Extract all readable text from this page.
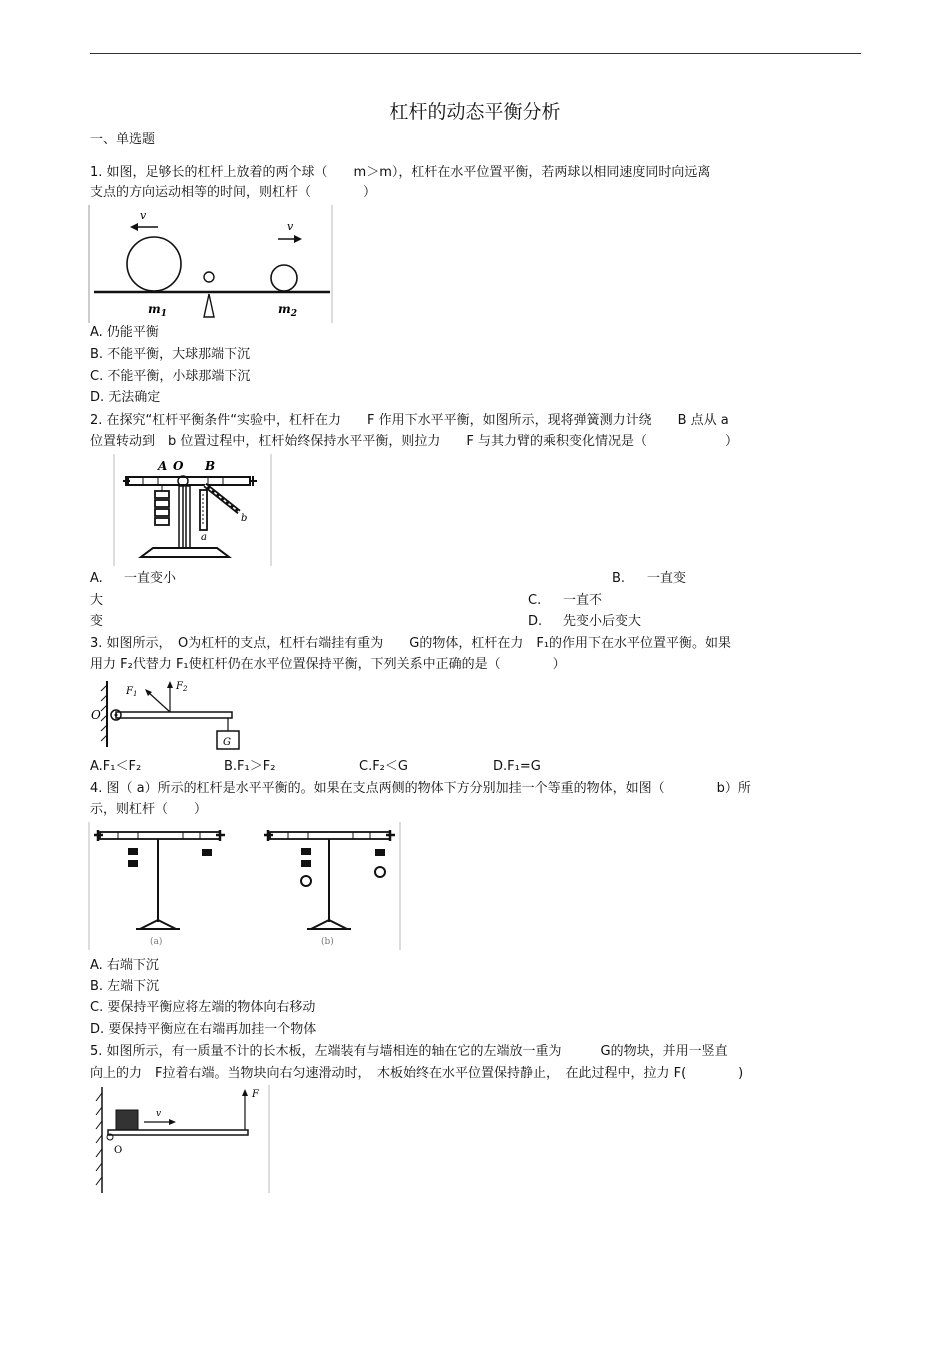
杠杆的动态平衡分析
一、单选题
1. 如图，足够长的杠杆上放着的两个球（　　m＞m），杠杆在水平位置平衡，若两球以相同速度同时向远离
支点的方向运动相等的时间，则杠杆（　　　　）
v
v
$m_1$	$m_2$
A. 仍能平衡
B. 不能平衡，大球那端下沉
C. 不能平衡，小球那端下沉
D. 无法确定
2. 在探究“杠杆平衡条件“实验中，杠杆在力　　F 作用下水平平衡，如图所示，现将弹簧测力计绕　　B 点从 a
位置转动到　b 位置过程中，杠杆始终保持水平平衡，则拉力　　F 与其力臂的乘积变化情况是（　　　　　　）
A O B
a
b
A. 一直变小	B. 一直变
大	C. 一直不
变	D. 先变小后变大
3. 如图所示，　O为杠杆的支点，杠杆右端挂有重为　　G的物体，杠杆在力　F₁的作用下在水平位置平衡。如果
用力 F₂代替力 F₁使杠杆仍在水平位置保持平衡，下列关系中正确的是（　　　　）
O
$F_2$
$F_1$
G
A.F₁＜F₂	B.F₁＞F₂	C.F₂＜G	D.F₁=G
4. 图（ a）所示的杠杆是水平平衡的。如果在支点两侧的物体下方分别加挂一个等重的物体，如图（　　　　b）所
示，则杠杆（　　）
(a)	(b)
A. 右端下沉
B. 左端下沉
C. 要保持平衡应将左端的物体向右移动
D. 要保持平衡应在右端再加挂一个物体
5. 如图所示，有一质量不计的长木板，左端装有与墙相连的轴在它的左端放一重为　　　G的物块，并用一竖直
向上的力　F拉着右端。当物块向右匀速滑动时，　木板始终在水平位置保持静止，　在此过程中，拉力 F(　　　　)
v
O
F
